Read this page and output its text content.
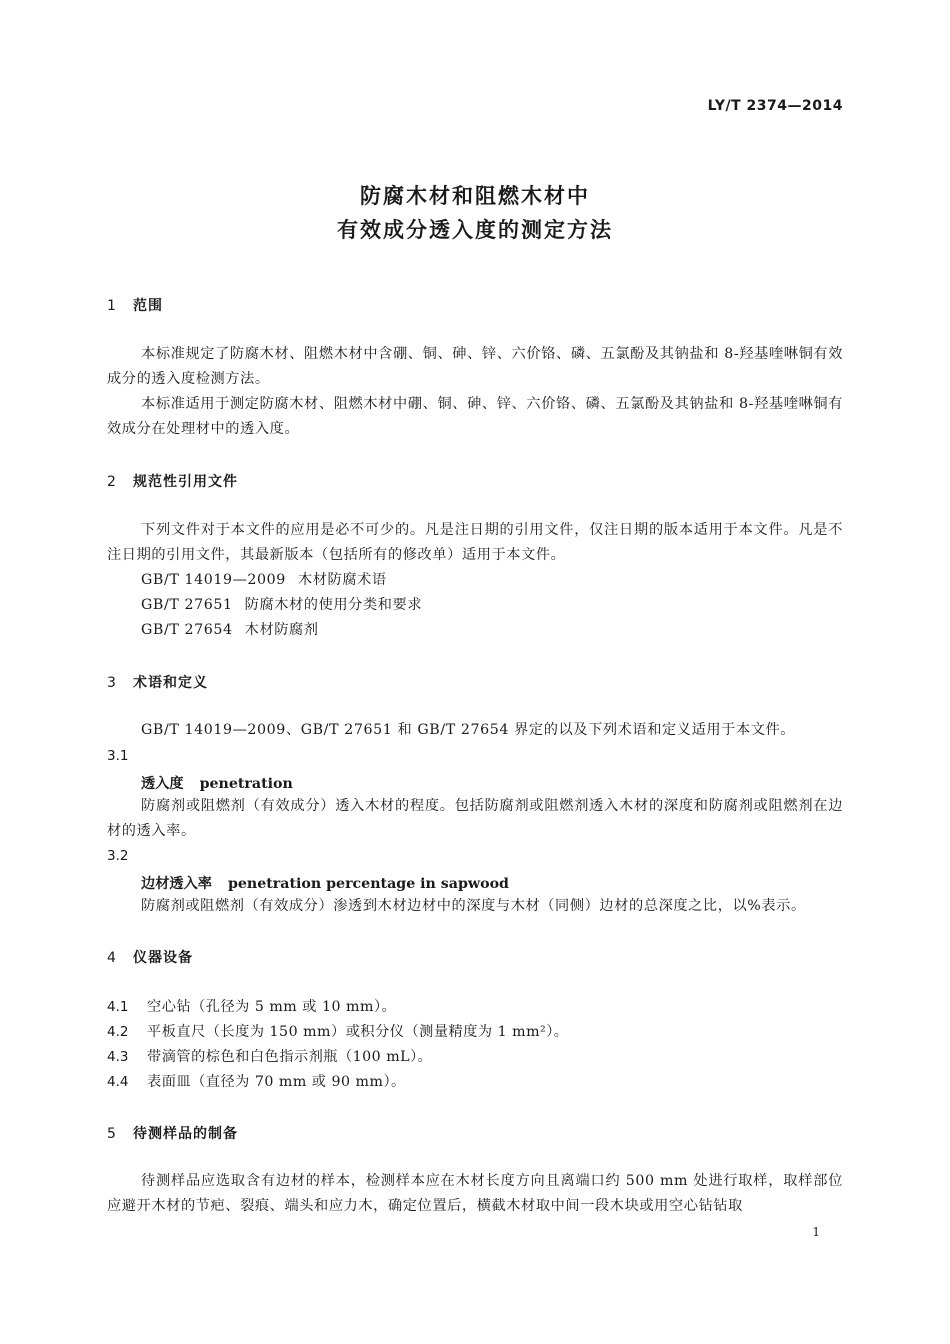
LY/T 2374—2014
防腐木材和阻燃木材中
有效成分透入度的测定方法
1 范围
本标准规定了防腐木材、阻燃木材中含硼、铜、砷、锌、六价铬、磷、五氯酚及其钠盐和 8-羟基喹啉铜有效成分的透入度检测方法。
本标准适用于测定防腐木材、阻燃木材中硼、铜、砷、锌、六价铬、磷、五氯酚及其钠盐和 8-羟基喹啉铜有效成分在处理材中的透入度。
2 规范性引用文件
下列文件对于本文件的应用是必不可少的。凡是注日期的引用文件，仅注日期的版本适用于本文件。凡是不注日期的引用文件，其最新版本（包括所有的修改单）适用于本文件。
GB/T 14019—2009 木材防腐术语
GB/T 27651 防腐木材的使用分类和要求
GB/T 27654 木材防腐剂
3 术语和定义
GB/T 14019—2009、GB/T 27651 和 GB/T 27654 界定的以及下列术语和定义适用于本文件。
3.1
透入度 penetration
防腐剂或阻燃剂（有效成分）透入木材的程度。包括防腐剂或阻燃剂透入木材的深度和防腐剂或阻燃剂在边材的透入率。
3.2
边材透入率 penetration percentage in sapwood
防腐剂或阻燃剂（有效成分）渗透到木材边材中的深度与木材（同侧）边材的总深度之比，以%表示。
4 仪器设备
4.1 空心钻（孔径为 5 mm 或 10 mm）。
4.2 平板直尺（长度为 150 mm）或积分仪（测量精度为 1 mm²）。
4.3 带滴管的棕色和白色指示剂瓶（100 mL）。
4.4 表面皿（直径为 70 mm 或 90 mm）。
5 待测样品的制备
待测样品应选取含有边材的样本，检测样本应在木材长度方向且离端口约 500 mm 处进行取样，取样部位应避开木材的节疤、裂痕、端头和应力木，确定位置后，横截木材取中间一段木块或用空心钻钻取
1
